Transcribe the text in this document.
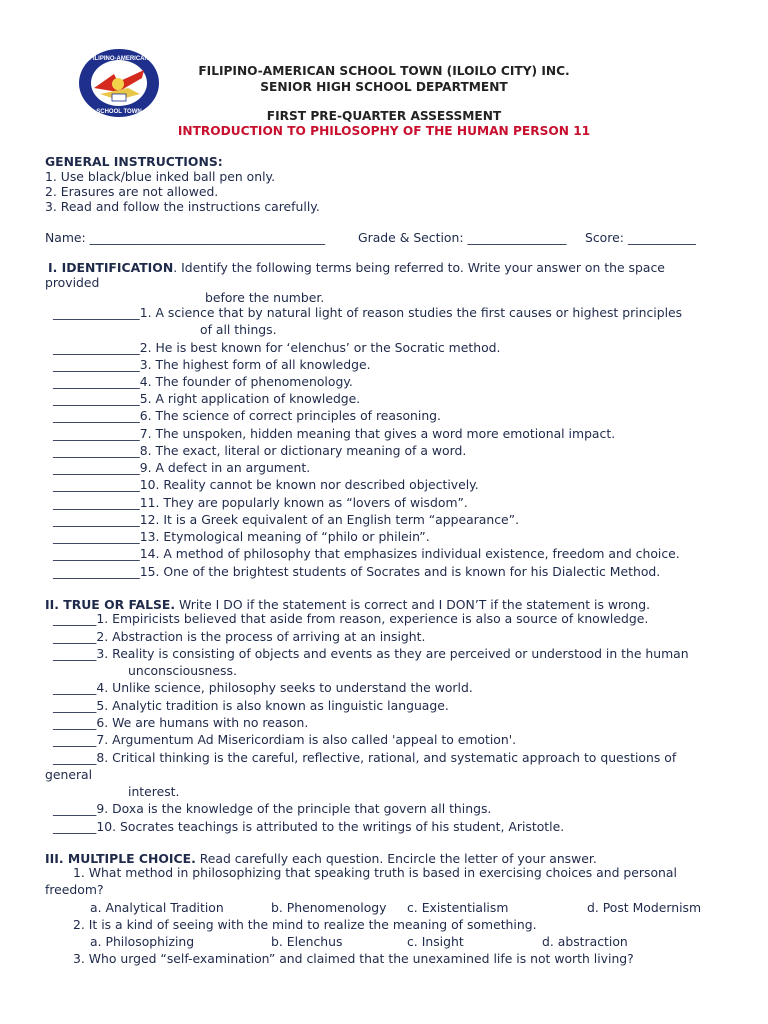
FILIPINO-AMERICAN
SCHOOL TOWN
FILIPINO-AMERICAN SCHOOL TOWN (ILOILO CITY) INC.
SENIOR HIGH SCHOOL DEPARTMENT
FIRST PRE-QUARTER ASSESSMENT
INTRODUCTION TO PHILOSOPHY OF THE HUMAN PERSON 11
GENERAL INSTRUCTIONS:
1. Use black/blue inked ball pen only.
2. Erasures are not allowed.
3. Read and follow the instructions carefully.
Name: ______________________________________	Grade & Section: ________________ Score: ___________
I. IDENTIFICATION. Identify the following terms being referred to. Write your answer on the space
provided
before the number.
______________1. A science that by natural light of reason studies the first causes or highest principles
of all things.
______________2. He is best known for ‘elenchus’ or the Socratic method.
______________3. The highest form of all knowledge.
______________4. The founder of phenomenology.
______________5. A right application of knowledge.
______________6. The science of correct principles of reasoning.
______________7. The unspoken, hidden meaning that gives a word more emotional impact.
______________8. The exact, literal or dictionary meaning of a word.
______________9. A defect in an argument.
______________10. Reality cannot be known nor described objectively.
______________11. They are popularly known as “lovers of wisdom”.
______________12. It is a Greek equivalent of an English term “appearance”.
______________13. Etymological meaning of “philo or philein”.
______________14. A method of philosophy that emphasizes individual existence, freedom and choice.
______________15. One of the brightest students of Socrates and is known for his Dialectic Method.
II. TRUE OR FALSE. Write I DO if the statement is correct and I DON’T if the statement is wrong.
_______1. Empiricists believed that aside from reason, experience is also a source of knowledge.
_______2. Abstraction is the process of arriving at an insight.
_______3. Reality is consisting of objects and events as they are perceived or understood in the human
unconsciousness.
_______4. Unlike science, philosophy seeks to understand the world.
_______5. Analytic tradition is also known as linguistic language.
_______6. We are humans with no reason.
_______7. Argumentum Ad Misericordiam is also called 'appeal to emotion'.
_______8. Critical thinking is the careful, reflective, rational, and systematic approach to questions of
general
interest.
_______9. Doxa is the knowledge of the principle that govern all things.
_______10. Socrates teachings is attributed to the writings of his student, Aristotle.
III. MULTIPLE CHOICE. Read carefully each question. Encircle the letter of your answer.
1. What method in philosophizing that speaking truth is based in exercising choices and personal
freedom?
a. Analytical Tradition	b. Phenomenology c. Existentialism	d. Post Modernism
2. It is a kind of seeing with the mind to realize the meaning of something.
a. Philosophizing	b. Elenchus	c. Insight	d. abstraction
3. Who urged “self-examination” and claimed that the unexamined life is not worth living?
